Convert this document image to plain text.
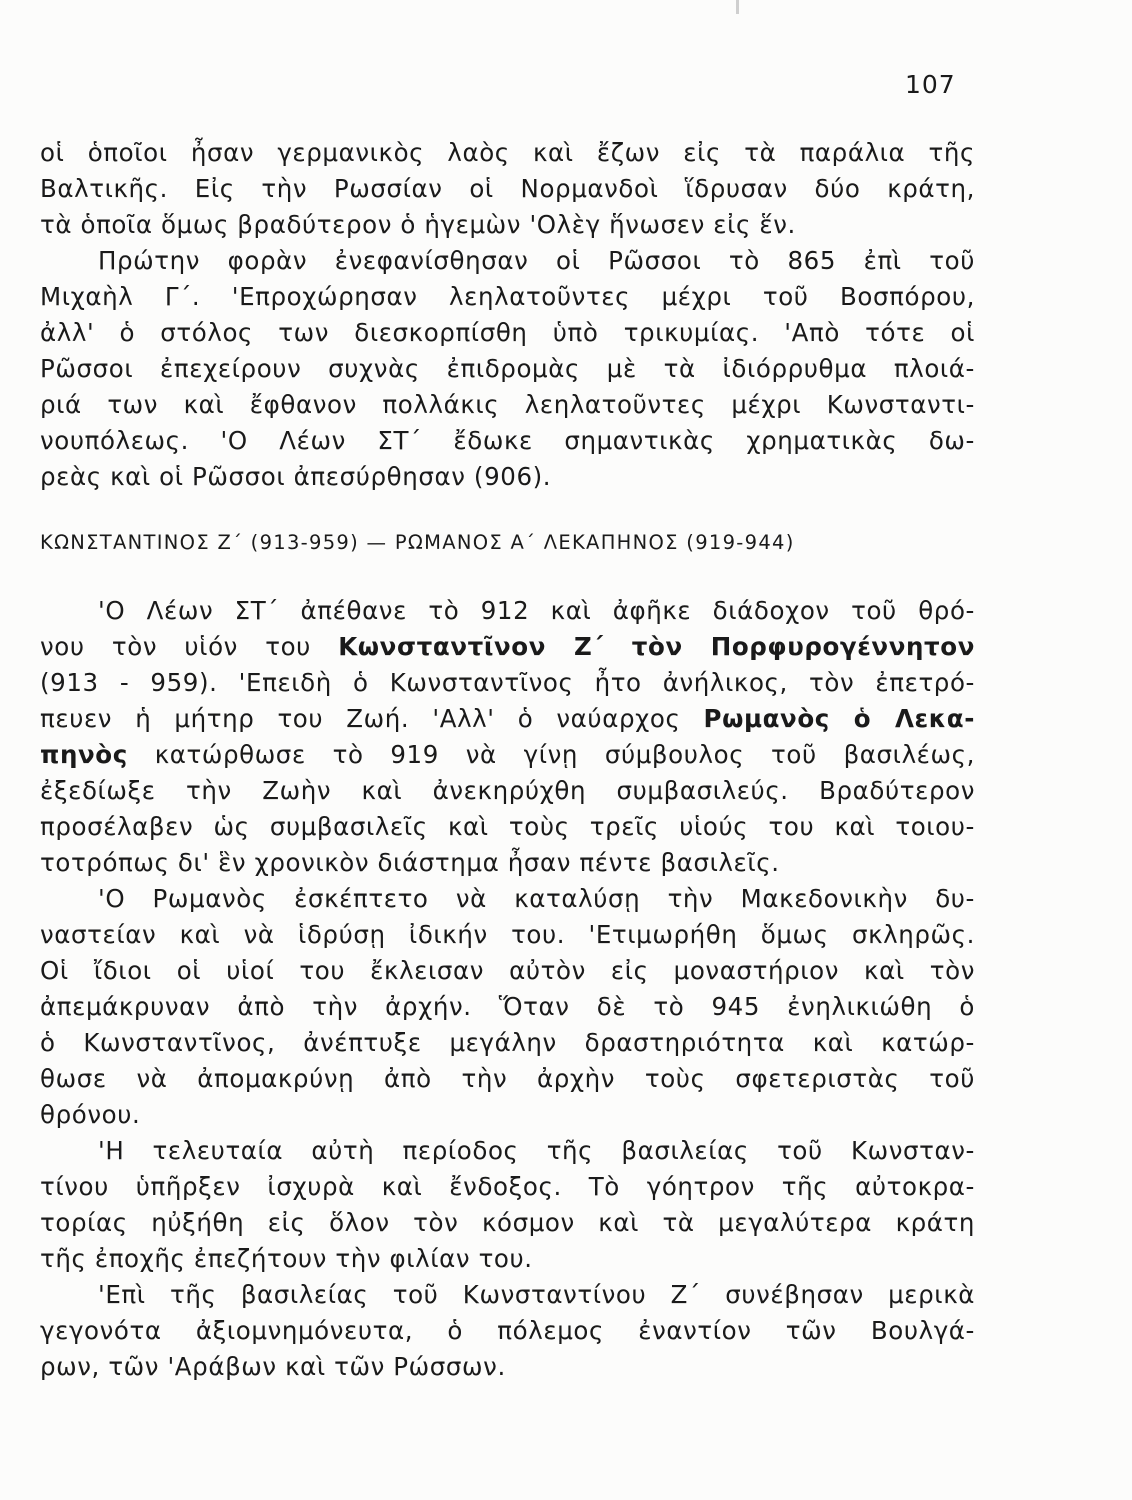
107
οἱ ὁποῖοι ἦσαν γερμανικὸς λαὸς καὶ ἔζων εἰς τὰ παράλια τῆς
Βαλτικῆς. Εἰς τὴν Ρωσσίαν οἱ Νορμανδοὶ ἵδρυσαν δύο κράτη,
τὰ ὁποῖα ὅμως βραδύτερον ὁ ἡγεμὼν 'Ολὲγ ἥνωσεν εἰς ἕν.
Πρώτην φορὰν ἐνεφανίσθησαν οἱ Ρῶσσοι τὸ 865 ἐπὶ τοῦ
Μιχαὴλ Γ΄. 'Επροχώρησαν λεηλατοῦντες μέχρι τοῦ Βοσπόρου,
ἀλλ' ὁ στόλος των διεσκορπίσθη ὑπὸ τρικυμίας. 'Απὸ τότε οἱ
Ρῶσσοι ἐπεχείρουν συχνὰς ἐπιδρομὰς μὲ τὰ ἰδιόρρυθμα πλοιά-
ριά των καὶ ἔφθανον πολλάκις λεηλατοῦντες μέχρι Κωνσταντι-
νουπόλεως. 'Ο Λέων ΣΤ΄ ἔδωκε σημαντικὰς χρηματικὰς δω-
ρεὰς καὶ οἱ Ρῶσσοι ἀπεσύρθησαν (906).
ΚΩΝΣΤΑΝΤΙΝΟΣ Ζ΄ (913-959) — ΡΩΜΑΝΟΣ Α΄ ΛΕΚΑΠΗΝΟΣ (919-944)
'Ο Λέων ΣΤ΄ ἀπέθανε τὸ 912 καὶ ἀφῆκε διάδοχον τοῦ θρό-
νου τὸν υἱόν του Κωνσταντῖνον Ζ΄ τὸν Πορφυρογέννητον
(913 - 959). 'Επειδὴ ὁ Κωνσταντῖνος ἦτο ἀνήλικος, τὸν ἐπετρό-
πευεν ἡ μήτηρ του Ζωή. 'Αλλ' ὁ ναύαρχος Ρωμανὸς ὁ Λεκα-
πηνὸς κατώρθωσε τὸ 919 νὰ γίνῃ σύμβουλος τοῦ βασιλέως,
ἐξεδίωξε τὴν Ζωὴν καὶ ἀνεκηρύχθη συμβασιλεύς. Βραδύτερον
προσέλαβεν ὡς συμβασιλεῖς καὶ τοὺς τρεῖς υἱούς του καὶ τοιου-
τοτρόπως δι' ἓν χρονικὸν διάστημα ἦσαν πέντε βασιλεῖς.
'Ο Ρωμανὸς ἐσκέπτετο νὰ καταλύσῃ τὴν Μακεδονικὴν δυ-
ναστείαν καὶ νὰ ἱδρύσῃ ἰδικήν του. 'Ετιμωρήθη ὅμως σκληρῶς.
Οἱ ἴδιοι οἱ υἱοί του ἔκλεισαν αὐτὸν εἰς μοναστήριον καὶ τὸν
ἀπεμάκρυναν ἀπὸ τὴν ἀρχήν. Ὅταν δὲ τὸ 945 ἐνηλικιώθη ὁ
ὁ Κωνσταντῖνος, ἀνέπτυξε μεγάλην δραστηριότητα καὶ κατώρ-
θωσε νὰ ἀπομακρύνῃ ἀπὸ τὴν ἀρχὴν τοὺς σφετεριστὰς τοῦ
θρόνου.
'Η τελευταία αὐτὴ περίοδος τῆς βασιλείας τοῦ Κωνσταν-
τίνου ὑπῆρξεν ἰσχυρὰ καὶ ἔνδοξος. Τὸ γόητρον τῆς αὐτοκρα-
τορίας ηὐξήθη εἰς ὅλον τὸν κόσμον καὶ τὰ μεγαλύτερα κράτη
τῆς ἐποχῆς ἐπεζήτουν τὴν φιλίαν του.
'Επὶ τῆς βασιλείας τοῦ Κωνσταντίνου Ζ΄ συνέβησαν μερικὰ
γεγονότα ἀξιομνημόνευτα, ὁ πόλεμος ἐναντίον τῶν Βουλγά-
ρων, τῶν 'Αράβων καὶ τῶν Ρώσσων.
